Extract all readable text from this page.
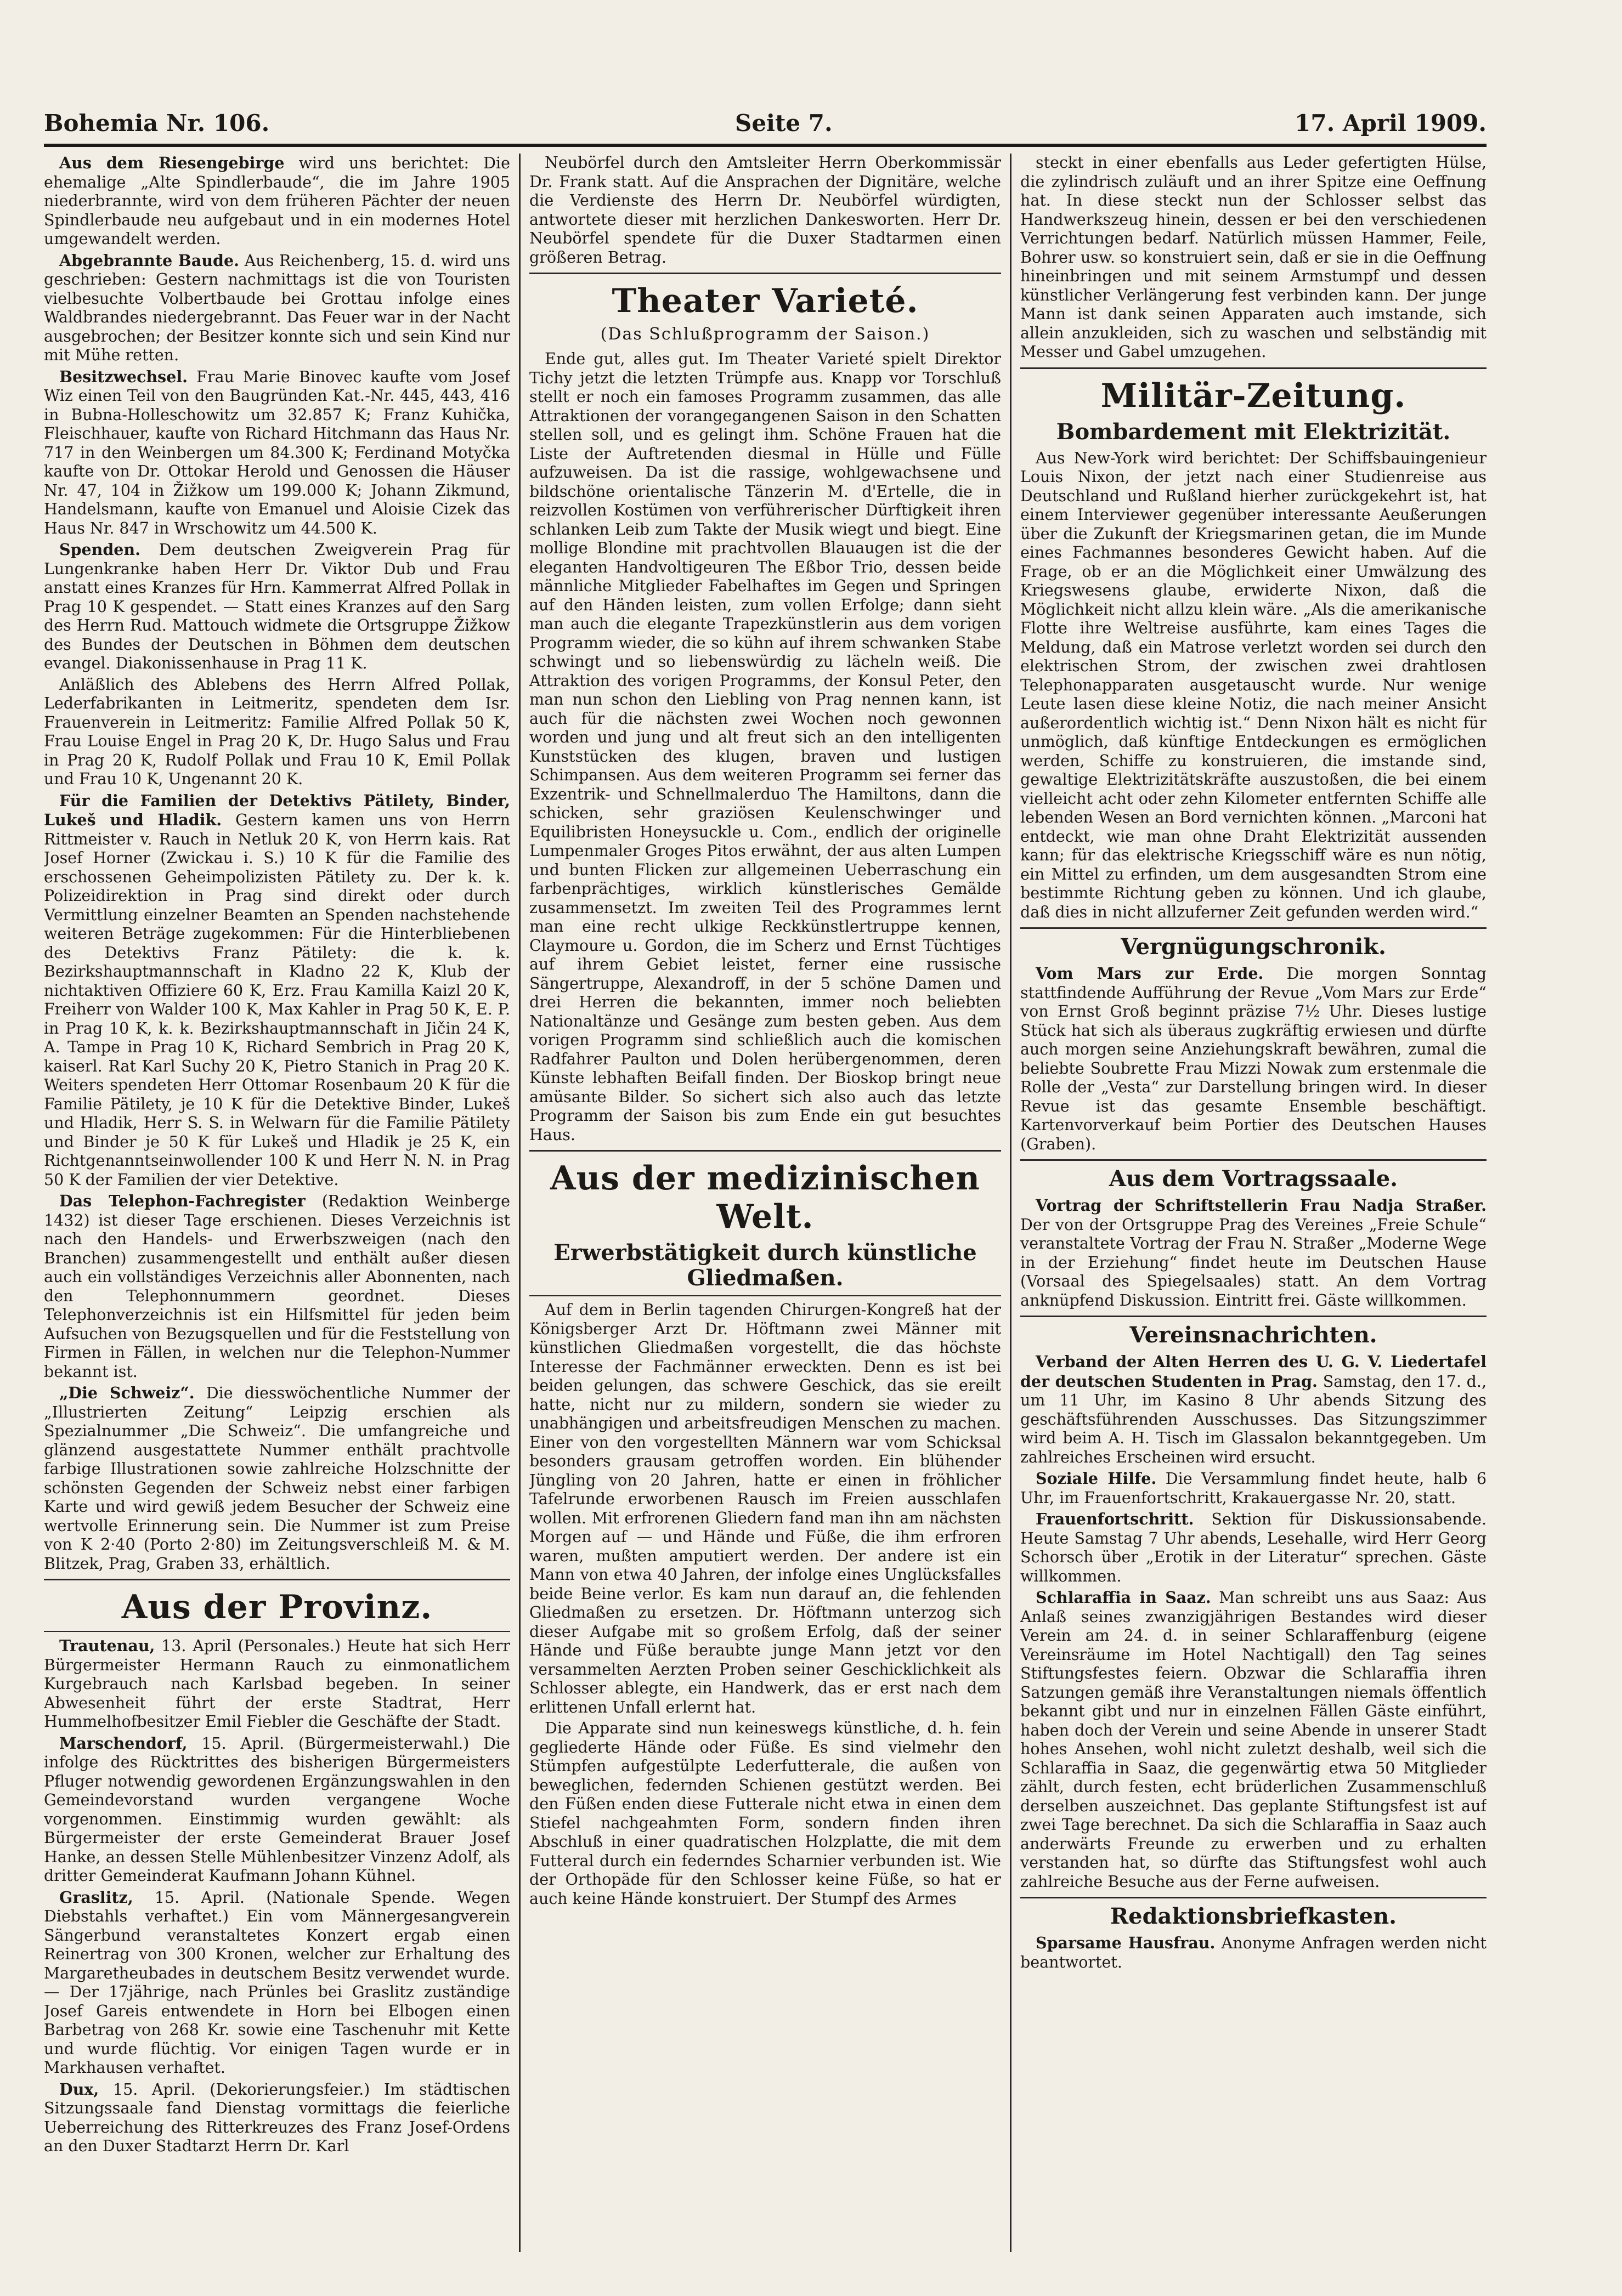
Bohemia Nr. 106.	Seite 7.	17. April 1909.

Aus dem Riesengebirge wird uns berichtet: Die ehemalige „Alte Spindlerbaude“, die im Jahre 1905 niederbrannte, wird von dem früheren Pächter der neuen Spindlerbaude neu aufgebaut und in ein modernes Hotel umgewandelt werden.

Abgebrannte Baude. Aus Reichenberg, 15. d. wird uns geschrieben: Gestern nachmittags ist die von Touristen vielbesuchte Volbertbaude bei Grottau infolge eines Waldbrandes niedergebrannt. Das Feuer war in der Nacht ausgebrochen; der Besitzer konnte sich und sein Kind nur mit Mühe retten.

Besitzwechsel. Frau Marie Binovec kaufte vom Josef Wiz einen Teil von den Baugründen Kat.-Nr. 445, 443, 416 in Bubna-Holleschowitz um 32.857 K; Franz Kuhička, Fleischhauer, kaufte von Richard Hitchmann das Haus Nr. 717 in den Weinbergen um 84.300 K; Ferdinand Motyčka kaufte von Dr. Ottokar Herold und Genossen die Häuser Nr. 47, 104 in Žižkow um 199.000 K; Johann Zikmund, Handelsmann, kaufte von Emanuel und Aloisie Cizek das Haus Nr. 847 in Wrschowitz um 44.500 K.

Spenden. Dem deutschen Zweigverein Prag für Lungenkranke haben Herr Dr. Viktor Dub und Frau anstatt eines Kranzes für Hrn. Kammerrat Alfred Pollak in Prag 10 K gespendet. — Statt eines Kranzes auf den Sarg des Herrn Rud. Mattouch widmete die Ortsgruppe Žižkow des Bundes der Deutschen in Böhmen dem deutschen evangel. Diakonissenhause in Prag 11 K.

Anläßlich des Ablebens des Herrn Alfred Pollak, Lederfabrikanten in Leitmeritz, spendeten dem Isr. Frauenverein in Leitmeritz: Familie Alfred Pollak 50 K, Frau Louise Engel in Prag 20 K, Dr. Hugo Salus und Frau in Prag 20 K, Rudolf Pollak und Frau 10 K, Emil Pollak und Frau 10 K, Ungenannt 20 K.

Für die Familien der Detektivs Pätilety, Binder, Lukeš und Hladik. Gestern kamen uns von Herrn Rittmeister v. Rauch in Netluk 20 K, von Herrn kais. Rat Josef Horner (Zwickau i. S.) 10 K für die Familie des erschossenen Geheimpolizisten Pätilety zu. Der k. k. Polizeidirektion in Prag sind direkt oder durch Vermittlung einzelner Beamten an Spenden nachstehende weiteren Beträge zugekommen: Für die Hinterbliebenen des Detektivs Franz Pätilety: die k. k. Bezirkshauptmannschaft in Kladno 22 K, Klub der nichtaktiven Offiziere 60 K, Erz. Frau Kamilla Kaizl 20 K, Freiherr von Walder 100 K, Max Kahler in Prag 50 K, E. P. in Prag 10 K, k. k. Bezirkshauptmannschaft in Jičin 24 K, A. Tampe in Prag 10 K, Richard Sembrich in Prag 20 K, kaiserl. Rat Karl Suchy 20 K, Pietro Stanich in Prag 20 K. Weiters spendeten Herr Ottomar Rosenbaum 20 K für die Familie Pätilety, je 10 K für die Detektive Binder, Lukeš und Hladik, Herr S. S. in Welwarn für die Familie Pätilety und Binder je 50 K für Lukeš und Hladik je 25 K, ein Richtgenanntseinwollender 100 K und Herr N. N. in Prag 50 K der Familien der vier Detektive.

Das Telephon-Fachregister (Redaktion Weinberge 1432) ist dieser Tage erschienen. Dieses Verzeichnis ist nach den Handels- und Erwerbszweigen (nach den Branchen) zusammengestellt und enthält außer diesen auch ein vollständiges Verzeichnis aller Abonnenten, nach den Telephonnummern geordnet. Dieses Telephonverzeichnis ist ein Hilfsmittel für jeden beim Aufsuchen von Bezugsquellen und für die Feststellung von Firmen in Fällen, in welchen nur die Telephon-Nummer bekannt ist.

„Die Schweiz“. Die diesswöchentliche Nummer der „Illustrierten Zeitung“ Leipzig erschien als Spezialnummer „Die Schweiz“. Die umfangreiche und glänzend ausgestattete Nummer enthält prachtvolle farbige Illustrationen sowie zahlreiche Holzschnitte der schönsten Gegenden der Schweiz nebst einer farbigen Karte und wird gewiß jedem Besucher der Schweiz eine wertvolle Erinnerung sein. Die Nummer ist zum Preise von K 2·40 (Porto 2·80) im Zeitungsverschleiß M. & M. Blitzek, Prag, Graben 33, erhältlich.

Aus der Provinz.

Trautenau, 13. April (Personales.) Heute hat sich Herr Bürgermeister Hermann Rauch zu einmonatlichem Kurgebrauch nach Karlsbad begeben. In seiner Abwesenheit führt der erste Stadtrat, Herr Hummelhofbesitzer Emil Fiebler die Geschäfte der Stadt.

Marschendorf, 15. April. (Bürgermeisterwahl.) Die infolge des Rücktrittes des bisherigen Bürgermeisters Pfluger notwendig gewordenen Ergänzungswahlen in den Gemeindevorstand wurden vergangene Woche vorgenommen. Einstimmig wurden gewählt: als Bürgermeister der erste Gemeinderat Brauer Josef Hanke, an dessen Stelle Mühlenbesitzer Vinzenz Adolf, als dritter Gemeinderat Kaufmann Johann Kühnel.

Graslitz, 15. April. (Nationale Spende. Wegen Diebstahls verhaftet.) Ein vom Männergesangverein Sängerbund veranstaltetes Konzert ergab einen Reinertrag von 300 Kronen, welcher zur Erhaltung des Margaretheubades in deutschem Besitz verwendet wurde. — Der 17jährige, nach Prünles bei Graslitz zuständige Josef Gareis entwendete in Horn bei Elbogen einen Barbetrag von 268 Kr. sowie eine Taschenuhr mit Kette und wurde flüchtig. Vor einigen Tagen wurde er in Markhausen verhaftet.

Dux, 15. April. (Dekorierungsfeier.) Im städtischen Sitzungssaale fand Dienstag vormittags die feierliche Ueberreichung des Ritterkreuzes des Franz Josef-Ordens an den Duxer Stadtarzt Herrn Dr. Karl

Neubörfel durch den Amtsleiter Herrn Oberkommissär Dr. Frank statt. Auf die Ansprachen der Dignitäre, welche die Verdienste des Herrn Dr. Neubörfel würdigten, antwortete dieser mit herzlichen Dankesworten. Herr Dr. Neubörfel spendete für die Duxer Stadtarmen einen größeren Betrag.

Theater Varieté.
(Das Schlußprogramm der Saison.)

Ende gut, alles gut. Im Theater Varieté spielt Direktor Tichy jetzt die letzten Trümpfe aus. Knapp vor Torschluß stellt er noch ein famoses Programm zusammen, das alle Attraktionen der vorangegangenen Saison in den Schatten stellen soll, und es gelingt ihm. Schöne Frauen hat die Liste der Auftretenden diesmal in Hülle und Fülle aufzuweisen. Da ist die rassige, wohlgewachsene und bildschöne orientalische Tänzerin M. d'Ertelle, die in reizvollen Kostümen von verführerischer Dürftigkeit ihren schlanken Leib zum Takte der Musik wiegt und biegt. Eine mollige Blondine mit prachtvollen Blauaugen ist die der eleganten Handvoltigeuren The Eßbor Trio, dessen beide männliche Mitglieder Fabelhaftes im Gegen und Springen auf den Händen leisten, zum vollen Erfolge; dann sieht man auch die elegante Trapezkünstlerin aus dem vorigen Programm wieder, die so kühn auf ihrem schwanken Stabe schwingt und so liebenswürdig zu lächeln weiß. Die Attraktion des vorigen Programms, der Konsul Peter, den man nun schon den Liebling von Prag nennen kann, ist auch für die nächsten zwei Wochen noch gewonnen worden und jung und alt freut sich an den intelligenten Kunststücken des klugen, braven und lustigen Schimpansen. Aus dem weiteren Programm sei ferner das Exzentrik- und Schnellmalerduo The Hamiltons, dann die schicken, sehr graziösen Keulenschwinger und Equilibristen Honeysuckle u. Com., endlich der originelle Lumpenmaler Groges Pitos erwähnt, der aus alten Lumpen und bunten Flicken zur allgemeinen Ueberraschung ein farbenprächtiges, wirklich künstlerisches Gemälde zusammensetzt. Im zweiten Teil des Programmes lernt man eine recht ulkige Reckkünstlertruppe kennen, Claymoure u. Gordon, die im Scherz und Ernst Tüchtiges auf ihrem Gebiet leistet, ferner eine russische Sängertruppe, Alexandroff, in der 5 schöne Damen und drei Herren die bekannten, immer noch beliebten Nationaltänze und Gesänge zum besten geben. Aus dem vorigen Programm sind schließlich auch die komischen Radfahrer Paulton und Dolen herübergenommen, deren Künste lebhaften Beifall finden. Der Bioskop bringt neue amüsante Bilder. So sichert sich also auch das letzte Programm der Saison bis zum Ende ein gut besuchtes Haus.

Aus der medizinischen Welt.
Erwerbstätigkeit durch künstliche Gliedmaßen.

Auf dem in Berlin tagenden Chirurgen-Kongreß hat der Königsberger Arzt Dr. Höftmann zwei Männer mit künstlichen Gliedmaßen vorgestellt, die das höchste Interesse der Fachmänner erweckten. Denn es ist bei beiden gelungen, das schwere Geschick, das sie ereilt hatte, nicht nur zu mildern, sondern sie wieder zu unabhängigen und arbeitsfreudigen Menschen zu machen. Einer von den vorgestellten Männern war vom Schicksal besonders grausam getroffen worden. Ein blühender Jüngling von 20 Jahren, hatte er einen in fröhlicher Tafelrunde erworbenen Rausch im Freien ausschlafen wollen. Mit erfrorenen Gliedern fand man ihn am nächsten Morgen auf — und Hände und Füße, die ihm erfroren waren, mußten amputiert werden. Der andere ist ein Mann von etwa 40 Jahren, der infolge eines Unglücksfalles beide Beine verlor. Es kam nun darauf an, die fehlenden Gliedmaßen zu ersetzen. Dr. Höftmann unterzog sich dieser Aufgabe mit so großem Erfolg, daß der seiner Hände und Füße beraubte junge Mann jetzt vor den versammelten Aerzten Proben seiner Geschicklichkeit als Schlosser ablegte, ein Handwerk, das er erst nach dem erlittenen Unfall erlernt hat.

Die Apparate sind nun keineswegs künstliche, d. h. fein gegliederte Hände oder Füße. Es sind vielmehr den Stümpfen aufgestülpte Lederfutterale, die außen von beweglichen, federnden Schienen gestützt werden. Bei den Füßen enden diese Futterale nicht etwa in einen dem Stiefel nachgeahmten Form, sondern finden ihren Abschluß in einer quadratischen Holzplatte, die mit dem Futteral durch ein federndes Scharnier verbunden ist. Wie der Orthopäde für den Schlosser keine Füße, so hat er auch keine Hände konstruiert. Der Stumpf des Armes

steckt in einer ebenfalls aus Leder gefertigten Hülse, die zylindrisch zuläuft und an ihrer Spitze eine Oeffnung hat. In diese steckt nun der Schlosser selbst das Handwerkszeug hinein, dessen er bei den verschiedenen Verrichtungen bedarf. Natürlich müssen Hammer, Feile, Bohrer usw. so konstruiert sein, daß er sie in die Oeffnung hineinbringen und mit seinem Armstumpf und dessen künstlicher Verlängerung fest verbinden kann. Der junge Mann ist dank seinen Apparaten auch imstande, sich allein anzukleiden, sich zu waschen und selbständig mit Messer und Gabel umzugehen.

Militär-Zeitung.
Bombardement mit Elektrizität.

Aus New-York wird berichtet: Der Schiffsbauingenieur Louis Nixon, der jetzt nach einer Studienreise aus Deutschland und Rußland hierher zurückgekehrt ist, hat einem Interviewer gegenüber interessante Aeußerungen über die Zukunft der Kriegsmarinen getan, die im Munde eines Fachmannes besonderes Gewicht haben. Auf die Frage, ob er an die Möglichkeit einer Umwälzung des Kriegswesens glaube, erwiderte Nixon, daß die Möglichkeit nicht allzu klein wäre. „Als die amerikanische Flotte ihre Weltreise ausführte, kam eines Tages die Meldung, daß ein Matrose verletzt worden sei durch den elektrischen Strom, der zwischen zwei drahtlosen Telephonapparaten ausgetauscht wurde. Nur wenige Leute lasen diese kleine Notiz, die nach meiner Ansicht außerordentlich wichtig ist.“ Denn Nixon hält es nicht für unmöglich, daß künftige Entdeckungen es ermöglichen werden, Schiffe zu konstruieren, die imstande sind, gewaltige Elektrizitätskräfte auszustoßen, die bei einem vielleicht acht oder zehn Kilometer entfernten Schiffe alle lebenden Wesen an Bord vernichten können. „Marconi hat entdeckt, wie man ohne Draht Elektrizität aussenden kann; für das elektrische Kriegsschiff wäre es nun nötig, ein Mittel zu erfinden, um dem ausgesandten Strom eine bestimmte Richtung geben zu können. Und ich glaube, daß dies in nicht allzuferner Zeit gefunden werden wird.“

Vergnügungschronik.

Vom Mars zur Erde. Die morgen Sonntag stattfindende Aufführung der Revue „Vom Mars zur Erde“ von Ernst Groß beginnt präzise 7½ Uhr. Dieses lustige Stück hat sich als überaus zugkräftig erwiesen und dürfte auch morgen seine Anziehungskraft bewähren, zumal die beliebte Soubrette Frau Mizzi Nowak zum erstenmale die Rolle der „Vesta“ zur Darstellung bringen wird. In dieser Revue ist das gesamte Ensemble beschäftigt. Kartenvorverkauf beim Portier des Deutschen Hauses (Graben).

Aus dem Vortragssaale.

Vortrag der Schriftstellerin Frau Nadja Straßer. Der von der Ortsgruppe Prag des Vereines „Freie Schule“ veranstaltete Vortrag der Frau N. Straßer „Moderne Wege in der Erziehung“ findet heute im Deutschen Hause (Vorsaal des Spiegelsaales) statt. An dem Vortrag anknüpfend Diskussion. Eintritt frei. Gäste willkommen.

Vereinsnachrichten.

Verband der Alten Herren des U. G. V. Liedertafel der deutschen Studenten in Prag. Samstag, den 17. d., um 11 Uhr, im Kasino 8 Uhr abends Sitzung des geschäftsführenden Ausschusses. Das Sitzungszimmer wird beim A. H. Tisch im Glassalon bekanntgegeben. Um zahlreiches Erscheinen wird ersucht.

Soziale Hilfe. Die Versammlung findet heute, halb 6 Uhr, im Frauenfortschritt, Krakauergasse Nr. 20, statt.

Frauenfortschritt. Sektion für Diskussionsabende. Heute Samstag 7 Uhr abends, Lesehalle, wird Herr Georg Schorsch über „Erotik in der Literatur“ sprechen. Gäste willkommen.

Schlaraffia in Saaz. Man schreibt uns aus Saaz: Aus Anlaß seines zwanzigjährigen Bestandes wird dieser Verein am 24. d. in seiner Schlaraffenburg (eigene Vereinsräume im Hotel Nachtigall) den Tag seines Stiftungsfestes feiern. Obzwar die Schlaraffia ihren Satzungen gemäß ihre Veranstaltungen niemals öffentlich bekannt gibt und nur in einzelnen Fällen Gäste einführt, haben doch der Verein und seine Abende in unserer Stadt hohes Ansehen, wohl nicht zuletzt deshalb, weil sich die Schlaraffia in Saaz, die gegenwärtig etwa 50 Mitglieder zählt, durch festen, echt brüderlichen Zusammenschluß derselben auszeichnet. Das geplante Stiftungsfest ist auf zwei Tage berechnet. Da sich die Schlaraffia in Saaz auch anderwärts Freunde zu erwerben und zu erhalten verstanden hat, so dürfte das Stiftungsfest wohl auch zahlreiche Besuche aus der Ferne aufweisen.

Redaktionsbriefkasten.

Sparsame Hausfrau. Anonyme Anfragen werden nicht beantwortet.
